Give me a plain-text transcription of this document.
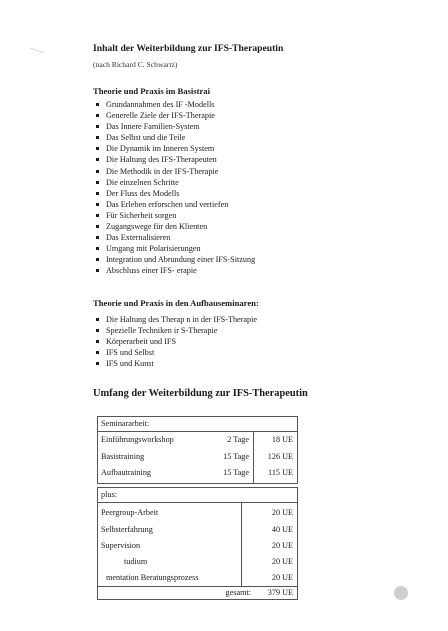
Inhalt der Weiterbildung zur IFS-Therapeutin
(nach Richard C. Schwartz)
Theorie und Praxis im Basistrai
Grundannahmen des IF -Modells
Generelle Ziele der IFS-Therapie
Das Innere Familien-System
Das Selbst und die Teile
Die Dynamik im Inneren System
Die Haltung des IFS-Therapeuten
Die Methodik in der IFS-Therapie
Die einzelnen Schritte
Der Fluss des Modells
Das Erleben erforschen und vertiefen
Für Sicherheit sorgen
Zugangswege für den Klienten
Das Externalisieren
Umgang mit Polarisierungen
Integration und Abrundung einer IFS-Sitzung
Abschluss einer IFS- erapie
Theorie und Praxis in den Aufbauseminaren:
Die Haltung des Therap n in der IFS-Therapie
Spezielle Techniken ir S-Therapie
Körperarbeit und IFS
IFS und Selbst
IFS und Kunst
Umfang der Weiterbildung zur IFS-Therapeutin
Seminararbeit:
Einführungsworkshop	2 Tage	18 UE
Basistraining	15 Tage 126 UE
Aufbautraining	15 Tage 115 UE
plus:
Peergroup-Arbeit	20 UE
Selbsterfahrung	40 UE
Supervision	20 UE
tudium	20 UE
mentation Beratungsprozess	20 UE
gesamt: 379 UE
